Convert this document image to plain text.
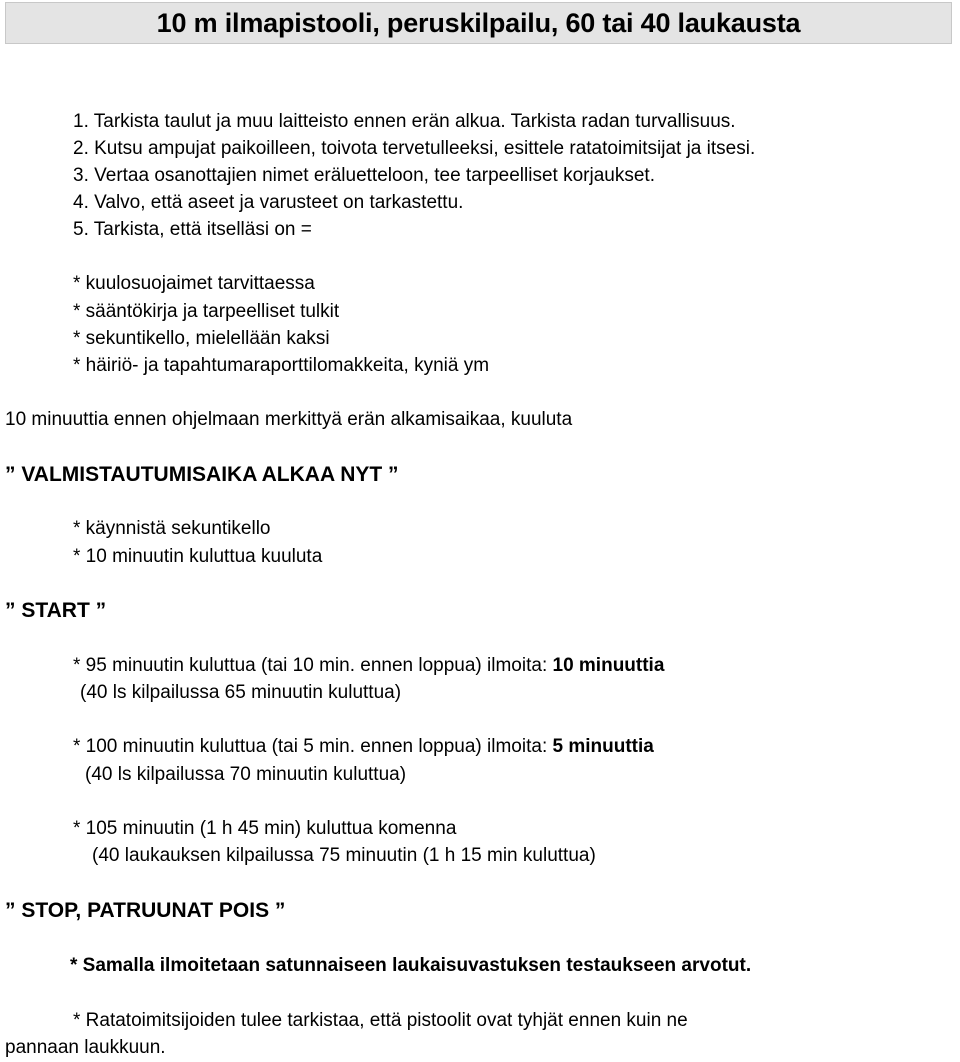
10 m ilmapistooli, peruskilpailu, 60 tai 40 laukausta
1. Tarkista taulut ja muu laitteisto ennen erän alkua. Tarkista radan turvallisuus.
2. Kutsu ampujat paikoilleen, toivota tervetulleeksi, esittele ratatoimitsijat ja itsesi.
3. Vertaa osanottajien nimet eräluetteloon, tee tarpeelliset korjaukset.
4. Valvo, että aseet ja varusteet on tarkastettu.
5. Tarkista, että itselläsi on =
* kuulosuojaimet tarvittaessa
* sääntökirja ja tarpeelliset tulkit
* sekuntikello, mielellään kaksi
* häiriö- ja tapahtumaraporttilomakkeita, kyniä ym
10 minuuttia ennen ohjelmaan merkittyä erän alkamisaikaa, kuuluta
” VALMISTAUTUMISAIKA ALKAA NYT ”
* käynnistä sekuntikello
* 10 minuutin kuluttua kuuluta
” START ”
* 95 minuutin kuluttua (tai 10 min. ennen loppua) ilmoita: 10 minuuttia
(40 ls kilpailussa 65 minuutin kuluttua)
* 100 minuutin kuluttua (tai 5 min. ennen loppua) ilmoita: 5 minuuttia
(40 ls kilpailussa 70 minuutin kuluttua)
* 105 minuutin (1 h 45 min) kuluttua komenna
(40 laukauksen kilpailussa 75 minuutin (1 h 15 min kuluttua)
” STOP, PATRUUNAT POIS ”
* Samalla ilmoitetaan satunnaiseen laukaisuvastuksen testaukseen arvotut.
* Ratatoimitsijoiden tulee tarkistaa, että pistoolit ovat tyhjät ennen kuin ne
pannaan laukkuun.
